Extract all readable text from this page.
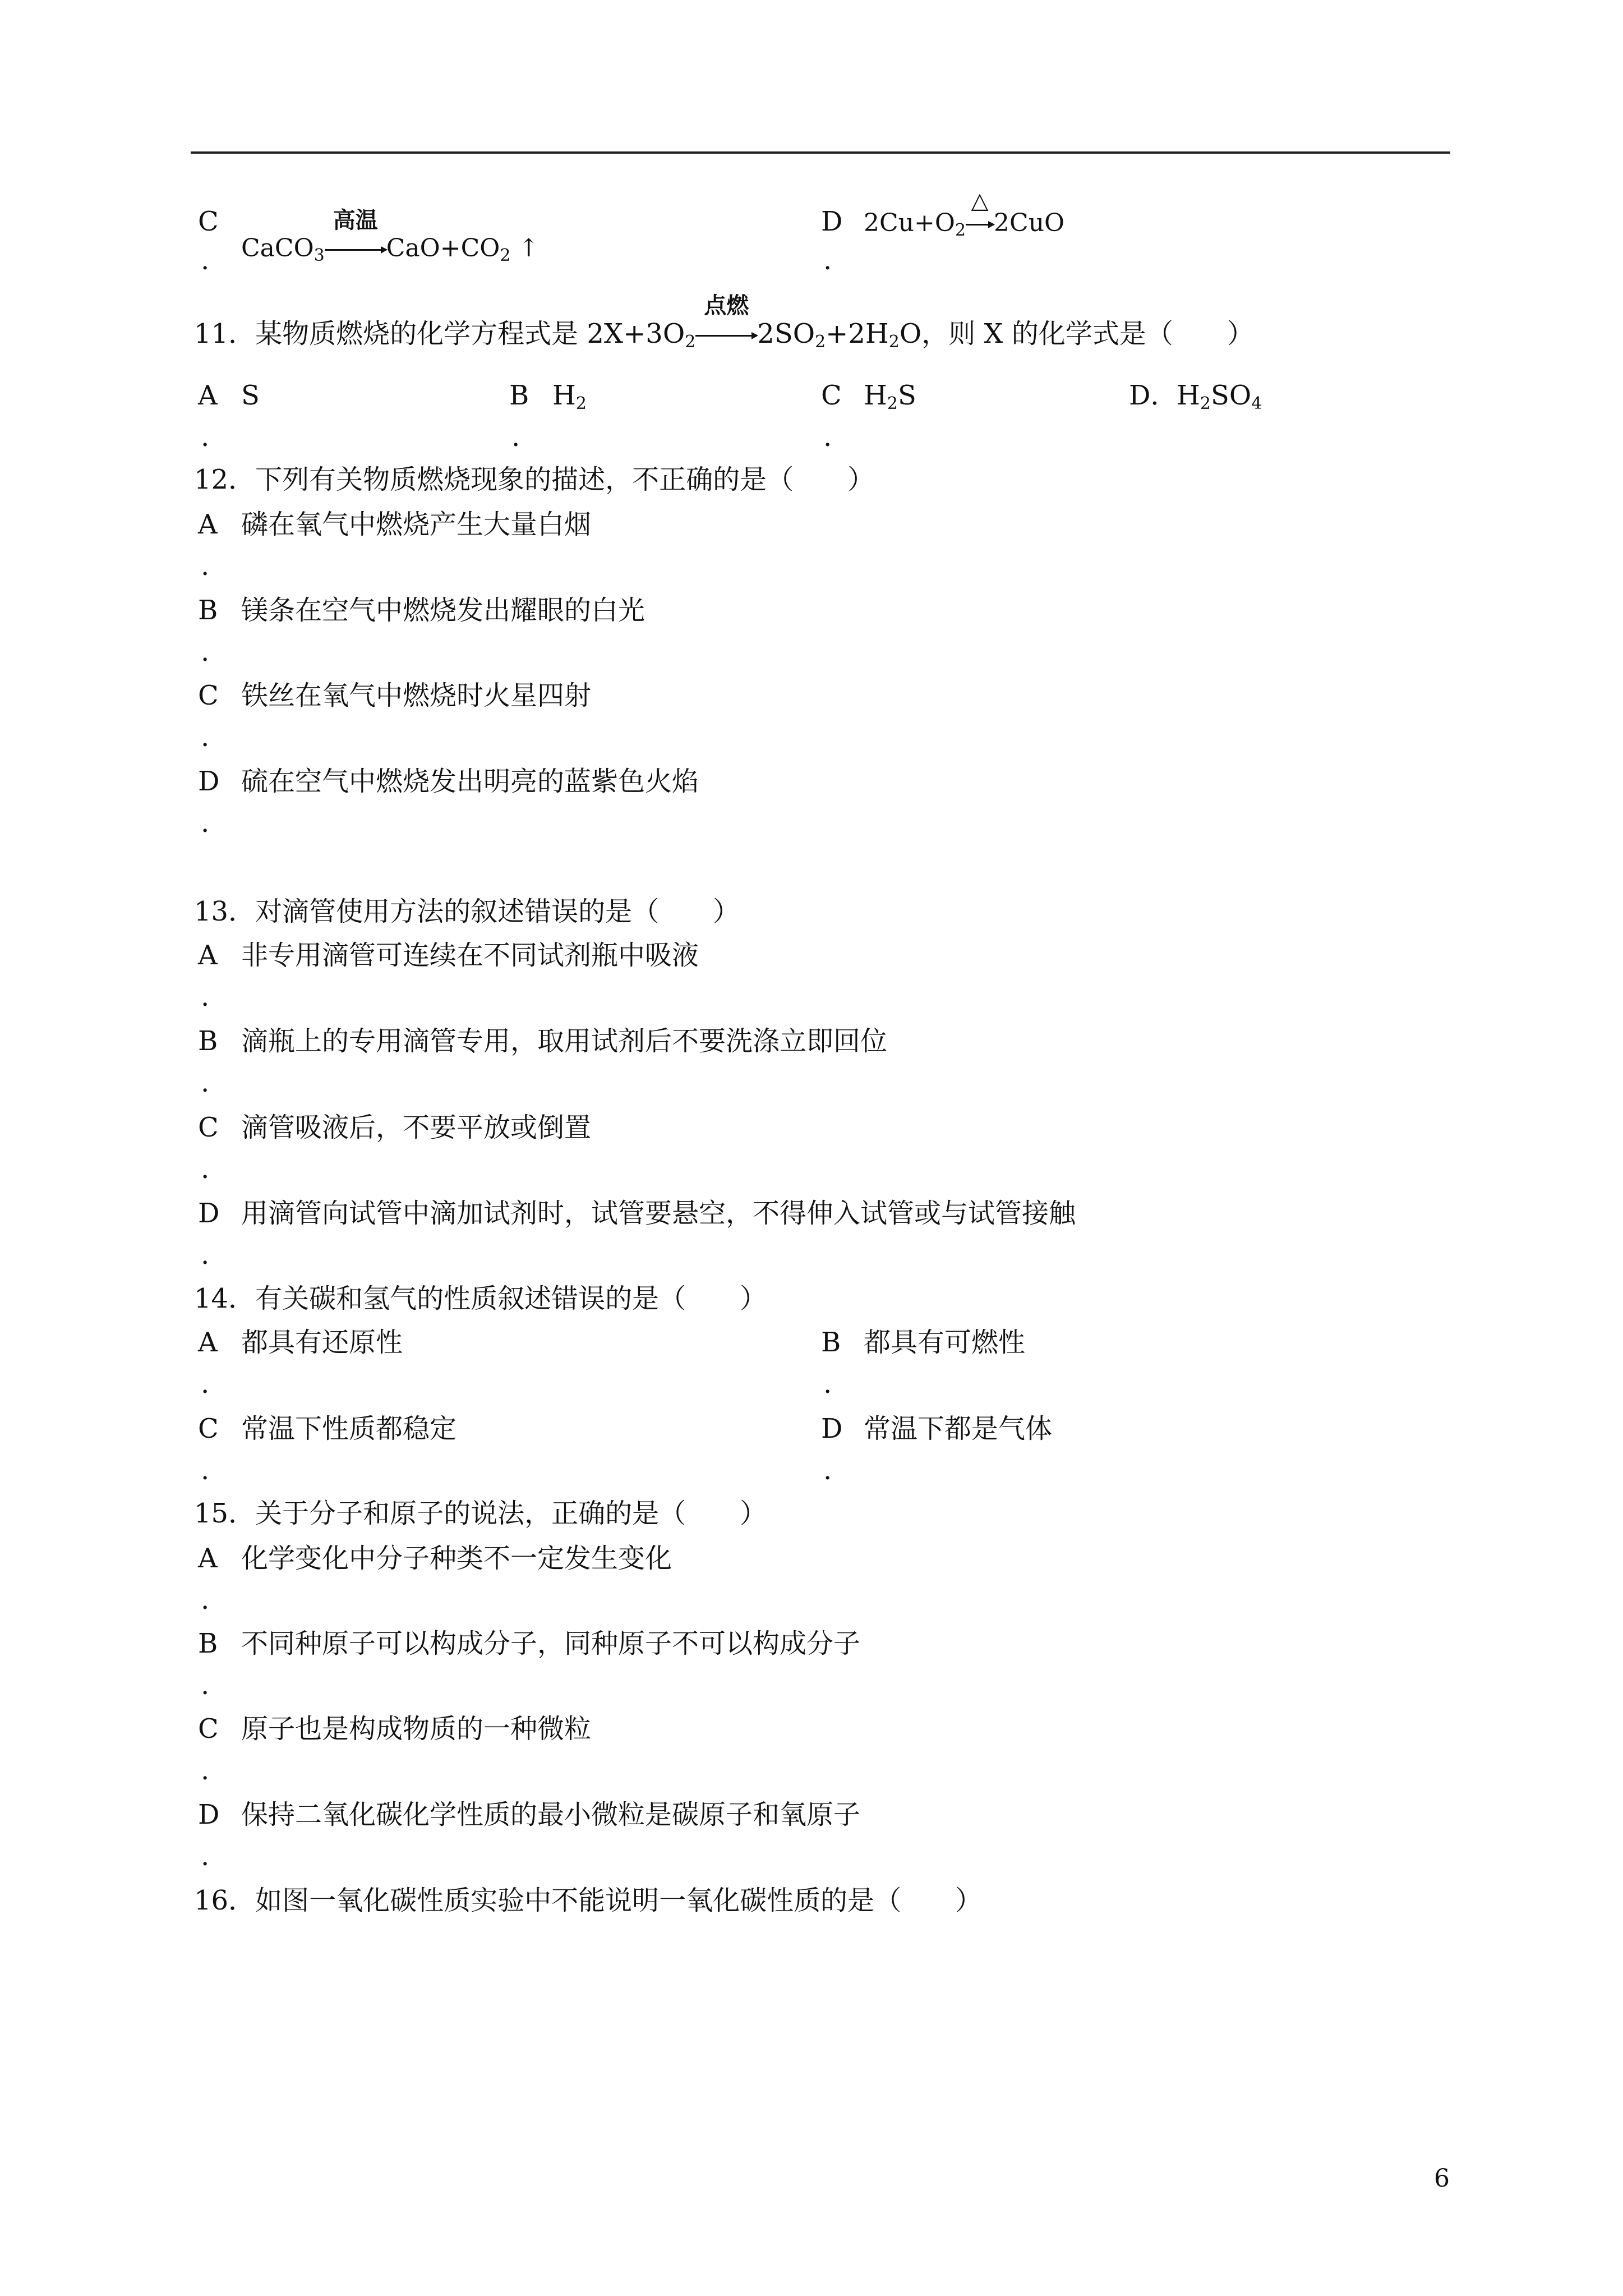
C
. CaCO$_3$
高温
$CaO+CO_2$ ↑
D
.
$2Cu+O_2$
△
2CuO
11．某物质燃烧的化学方程式是 $2X+3O_2$
点燃
$2SO_2+2H_2O$，则 X 的化学式是（　　）
A S
.
B $H_2$
.
C $H_2S$
.
D．
$H_2SO_4$
12．下列有关物质燃烧现象的描述，不正确的是（　　）
A 磷在氧气中燃烧产生大量白烟
.
B 镁条在空气中燃烧发出耀眼的白光
.
C 铁丝在氧气中燃烧时火星四射
.
D 硫在空气中燃烧发出明亮的蓝紫色火焰
.
13．对滴管使用方法的叙述错误的是（　　）
A 非专用滴管可连续在不同试剂瓶中吸液
.
B 滴瓶上的专用滴管专用，取用试剂后不要洗涤立即回位
.
C 滴管吸液后，不要平放或倒置
.
D 用滴管向试管中滴加试剂时，试管要悬空，不得伸入试管或与试管接触
.
14．有关碳和氢气的性质叙述错误的是（　　）
A 都具有还原性
.
B 都具有可燃性
.
C 常温下性质都稳定
.
D 常温下都是气体
.
15．关于分子和原子的说法，正确的是（　　）
A 化学变化中分子种类不一定发生变化
.
B 不同种原子可以构成分子，同种原子不可以构成分子
.
C 原子也是构成物质的一种微粒
.
D 保持二氧化碳化学性质的最小微粒是碳原子和氧原子
.
16．如图一氧化碳性质实验中不能说明一氧化碳性质的是（　　）
6
